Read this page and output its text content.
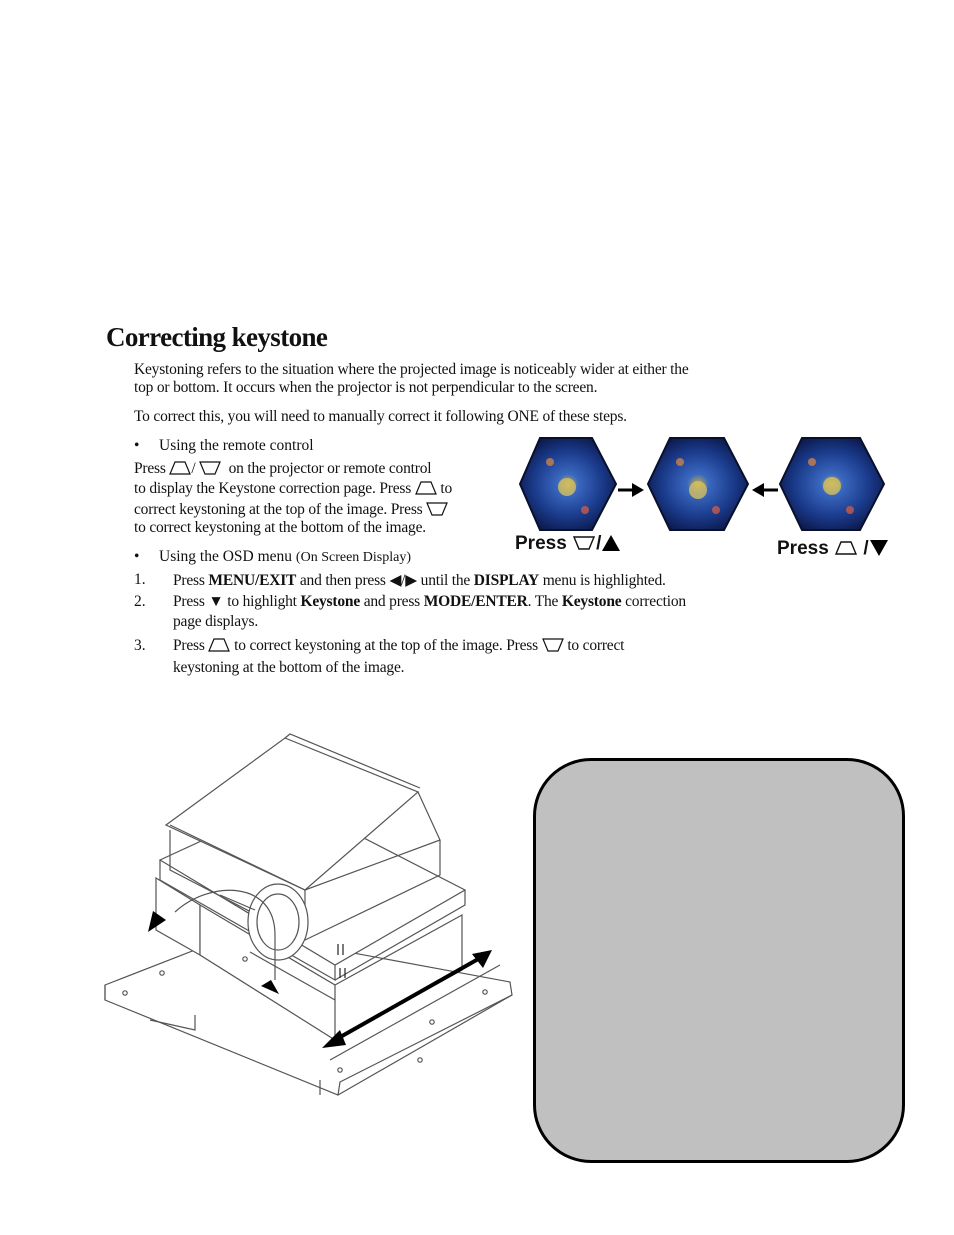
Correcting keystone
Keystoning refers to the situation where the projected image is noticeably wider at either the
top or bottom. It occurs when the projector is not perpendicular to the screen.
To correct this, you will need to manually correct it following ONE of these steps.
• Using the remote control
Press / on the projector or remote control
to display the Keystone correction page. Press to
correct keystoning at the top of the image. Press
to correct keystoning at the bottom of the image.
Press /	Press /
• Using the OSD menu (On Screen Display)
1. Press MENU/EXIT and then press ◀/▶ until the DISPLAY menu is highlighted.
2. Press ▼ to highlight Keystone and press MODE/ENTER. The Keystone correction
page displays.
3. Press to correct keystoning at the top of the image. Press to correct
keystoning at the bottom of the image.
